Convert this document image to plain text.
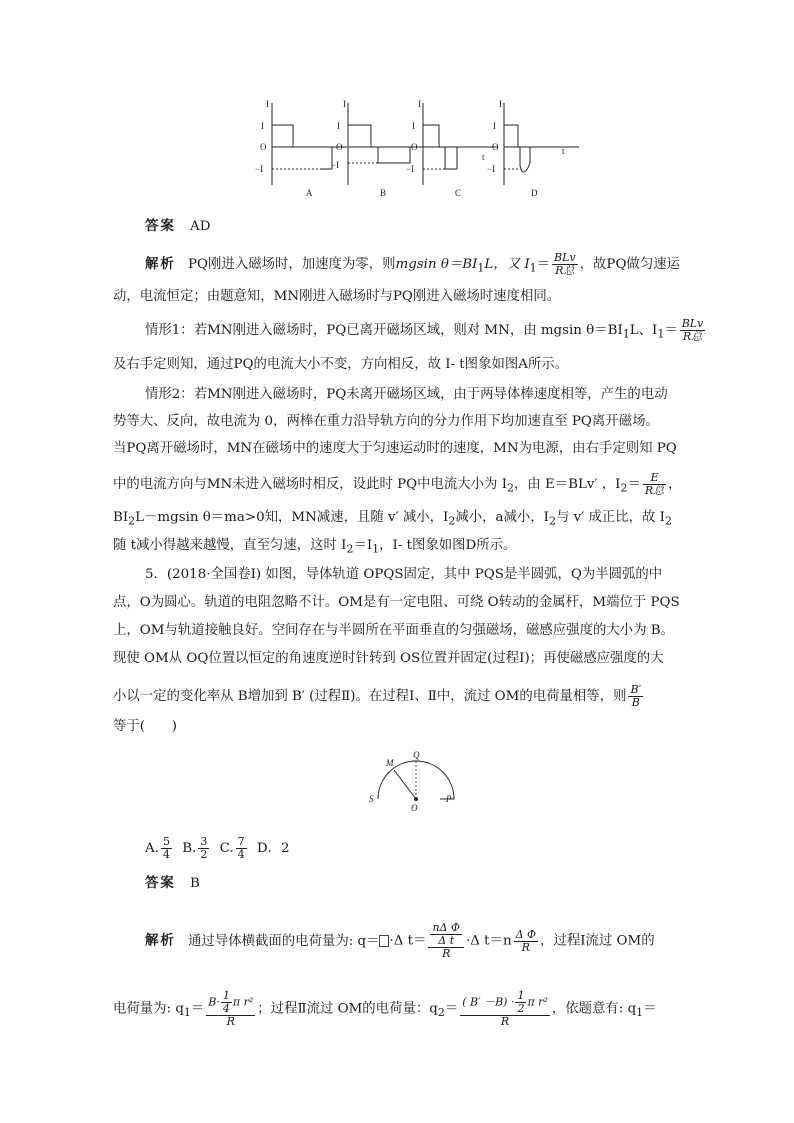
I	I	I	I
I	I	I	I
O	O	O	O
t
t
−I	−I	−I	−I
A	B	C	D
答案 AD
解析 PQ刚进入磁场时，加速度为零，则mgsin $\theta=BI_1L$，又 $I_1= \frac{\text{BLv}}{\text{R总}}$ ，故PQ做匀速运
动，电流恒定；由题意知，MN刚进入磁场时与PQ刚进入磁场时速度相同。
情形1：若MN刚进入磁场时，PQ已离开磁场区域，则对 MN，由 mgsin $\theta=BI_1L$、$I_1= \frac{\text{BLv}}{\text{R总}}$
及右手定则知，通过PQ的电流大小不变，方向相反，故 I- t图象如图A所示。
情形2：若MN刚进入磁场时，PQ未离开磁场区域，由于两导体棒速度相等，产生的电动
势等大、反向，故电流为 0，两棒在重力沿导轨方向的分力作用下均加速直至 PQ离开磁场。
当PQ离开磁场时，MN在磁场中的速度大于匀速运动时的速度，MN为电源，由右手定则知 PQ
中的电流方向与MN未进入磁场时相反，设此时 PQ中电流大小为 $I_2$，由 E＝BLv′ ，$I_2= \frac{E}{\text{R总}}$ ，
$BI_2L-mgsin$ θ＝ma>0知，MN减速，且随 v′ 减小，$I_2$减小，a减小，$I_2$与 v′ 成正比，故 $I_2$
随 t减小得越来越慢，直至匀速，这时 $I_2=I_1$，I- t图象如图D所示。
5．(2018·全国卷Ⅰ) 如图，导体轨道 OPQS固定，其中 PQS是半圆弧，Q为半圆弧的中
点，O为圆心。轨道的电阻忽略不计。OM是有一定电阻、可绕 O转动的金属杆，M端位于 PQS
上，OM与轨道接触良好。空间存在与半圆所在平面垂直的匀强磁场，磁感应强度的大小为 B。
现使 OM从 OQ位置以恒定的角速度逆时针转到 OS位置并固定(过程Ⅰ)；再使磁感应强度的大
小以一定的变化率从 B增加到 B′ (过程Ⅱ)。在过程Ⅰ、Ⅱ中，流过 OM的电荷量相等，则 $\frac{B'}{B}$
等于(　　)
Q
M
S	P
O
A. $\frac{5}{4} B$. $\frac{3}{2} C$. $\frac{7}{4}$ D．2
答案 B
解析 通过导体横截面的电荷量为: q＝ ·Δ $t= \frac{\frac{\text{nΔ Φ}}{\text{Δ t}}}{R} \cdot\Delta$ $t=n \frac{\text{Δ Φ}}{R}$ ，过程Ⅰ流过 OM的
电荷量为: $q_1= \frac{B\cdot \frac{1}{4} \pi r^2}{R}$ ；过程Ⅱ流过 OM的电荷量：$q_2= \frac{( B' -B) \cdot \frac{1}{2} \pi r^2}{R}$ ，依题意有: $q_1=$
